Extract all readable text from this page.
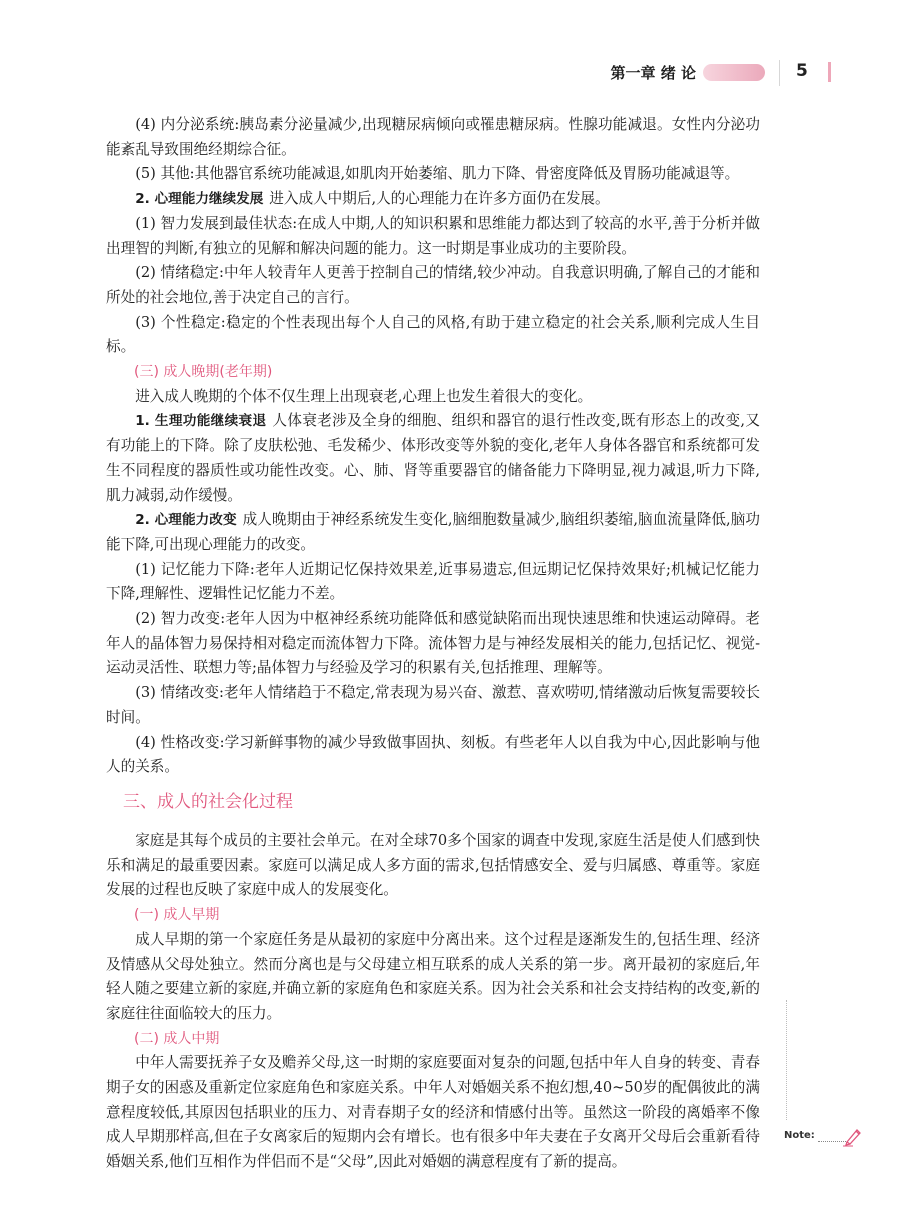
第一章 绪 论	5

(4) 内分泌系统:胰岛素分泌量减少,出现糖尿病倾向或罹患糖尿病。性腺功能减退。女性内分泌功能紊乱导致围绝经期综合征。

(5) 其他:其他器官系统功能减退,如肌肉开始萎缩、肌力下降、骨密度降低及胃肠功能减退等。

2. 心理能力继续发展 进入成人中期后,人的心理能力在许多方面仍在发展。

(1) 智力发展到最佳状态:在成人中期,人的知识积累和思维能力都达到了较高的水平,善于分析并做出理智的判断,有独立的见解和解决问题的能力。这一时期是事业成功的主要阶段。

(2) 情绪稳定:中年人较青年人更善于控制自己的情绪,较少冲动。自我意识明确,了解自己的才能和所处的社会地位,善于决定自己的言行。

(3) 个性稳定:稳定的个性表现出每个人自己的风格,有助于建立稳定的社会关系,顺利完成人生目标。

(三) 成人晚期(老年期)

进入成人晚期的个体不仅生理上出现衰老,心理上也发生着很大的变化。

1. 生理功能继续衰退 人体衰老涉及全身的细胞、组织和器官的退行性改变,既有形态上的改变,又有功能上的下降。除了皮肤松弛、毛发稀少、体形改变等外貌的变化,老年人身体各器官和系统都可发生不同程度的器质性或功能性改变。心、肺、肾等重要器官的储备能力下降明显,视力减退,听力下降,肌力减弱,动作缓慢。

2. 心理能力改变 成人晚期由于神经系统发生变化,脑细胞数量减少,脑组织萎缩,脑血流量降低,脑功能下降,可出现心理能力的改变。

(1) 记忆能力下降:老年人近期记忆保持效果差,近事易遗忘,但远期记忆保持效果好;机械记忆能力下降,理解性、逻辑性记忆能力不差。

(2) 智力改变:老年人因为中枢神经系统功能降低和感觉缺陷而出现快速思维和快速运动障碍。老年人的晶体智力易保持相对稳定而流体智力下降。流体智力是与神经发展相关的能力,包括记忆、视觉-运动灵活性、联想力等;晶体智力与经验及学习的积累有关,包括推理、理解等。

(3) 情绪改变:老年人情绪趋于不稳定,常表现为易兴奋、激惹、喜欢唠叨,情绪激动后恢复需要较长时间。

(4) 性格改变:学习新鲜事物的减少导致做事固执、刻板。有些老年人以自我为中心,因此影响与他人的关系。

三、成人的社会化过程

家庭是其每个成员的主要社会单元。在对全球70多个国家的调查中发现,家庭生活是使人们感到快乐和满足的最重要因素。家庭可以满足成人多方面的需求,包括情感安全、爱与归属感、尊重等。家庭发展的过程也反映了家庭中成人的发展变化。

(一) 成人早期

成人早期的第一个家庭任务是从最初的家庭中分离出来。这个过程是逐渐发生的,包括生理、经济及情感从父母处独立。然而分离也是与父母建立相互联系的成人关系的第一步。离开最初的家庭后,年轻人随之要建立新的家庭,并确立新的家庭角色和家庭关系。因为社会关系和社会支持结构的改变,新的家庭往往面临较大的压力。

(二) 成人中期

中年人需要抚养子女及赡养父母,这一时期的家庭要面对复杂的问题,包括中年人自身的转变、青春期子女的困惑及重新定位家庭角色和家庭关系。中年人对婚姻关系不抱幻想,40~50岁的配偶彼此的满意程度较低,其原因包括职业的压力、对青春期子女的经济和情感付出等。虽然这一阶段的离婚率不像成人早期那样高,但在子女离家后的短期内会有增长。也有很多中年夫妻在子女离开父母后会重新看待婚姻关系,他们互相作为伴侣而不是“父母”,因此对婚姻的满意程度有了新的提高。

Note:
